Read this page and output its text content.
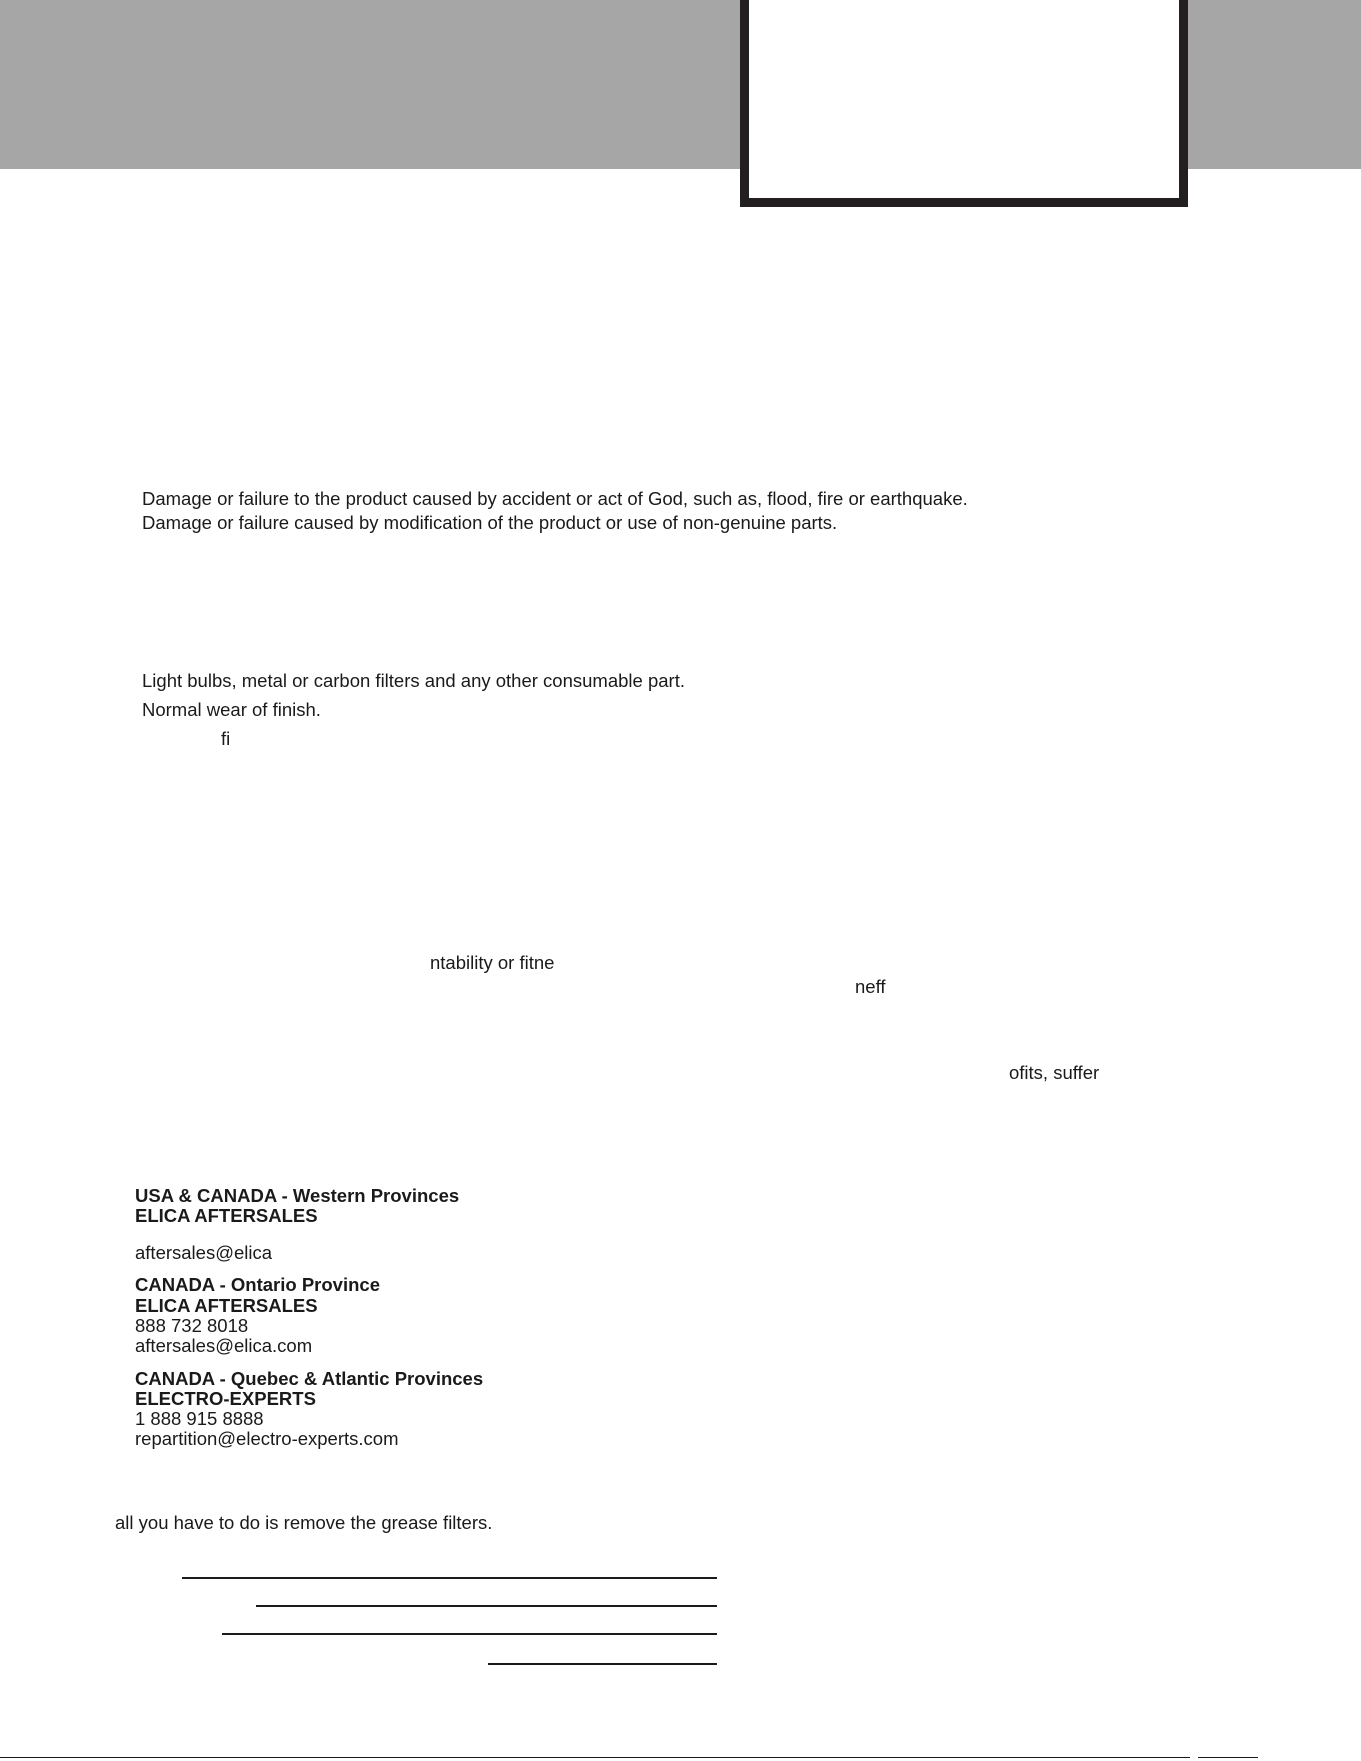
Damage or failure to the product caused by accident or act of God, such as, flood, fire or earthquake.
Damage or failure caused by modification of the product or use of non-genuine parts.
Light bulbs, metal or carbon filters and any other consumable part.
Normal wear of finish.
fi
ntability or fitne
neff
ofits, suffer
USA & CANADA - Western Provinces
ELICA AFTERSALES
aftersales@elica
CANADA - Ontario Province
ELICA AFTERSALES
888 732 8018
aftersales@elica.com
CANADA - Quebec & Atlantic Provinces
ELECTRO-EXPERTS
1 888 915 8888
repartition@electro-experts.com
all you have to do is remove the grease filters.
